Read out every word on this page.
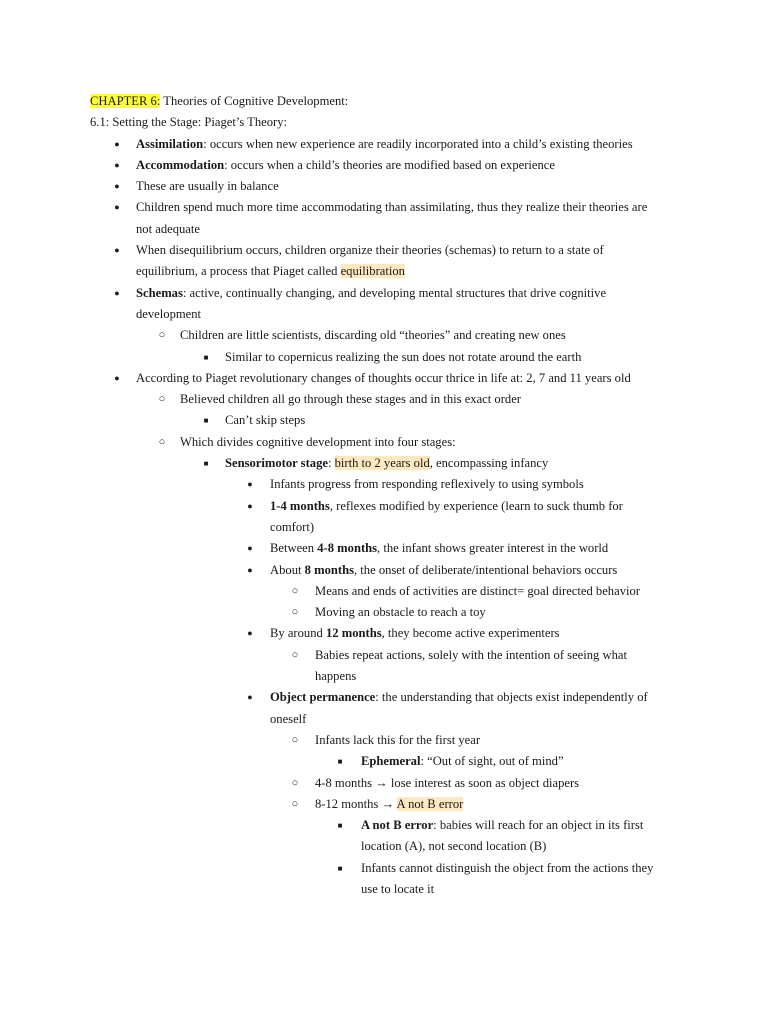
CHAPTER 6: Theories of Cognitive Development:
6.1: Setting the Stage: Piaget’s Theory:
●	Assimilation: occurs when new experience are readily incorporated into a child’s existing theories
●	Accommodation: occurs when a child’s theories are modified based on experience
●	These are usually in balance
●	Children spend much more time accommodating than assimilating, thus they realize their theories are
not adequate
●	When disequilibrium occurs, children organize their theories (schemas) to return to a state of
equilibrium, a process that Piaget called equilibration
●	Schemas: active, continually changing, and developing mental structures that drive cognitive
development
○ Children are little scientists, discarding old “theories” and creating new ones
■	Similar to copernicus realizing the sun does not rotate around the earth
●	According to Piaget revolutionary changes of thoughts occur thrice in life at: 2, 7 and 11 years old
○ Believed children all go through these stages and in this exact order
■	Can’t skip steps
○ Which divides cognitive development into four stages:
■	Sensorimotor stage: birth to 2 years old, encompassing infancy
●	Infants progress from responding reflexively to using symbols
●	1-4 months, reflexes modified by experience (learn to suck thumb for
comfort)
●	Between 4-8 months, the infant shows greater interest in the world
●	About 8 months, the onset of deliberate/intentional behaviors occurs
○ Means and ends of activities are distinct= goal directed behavior
○ Moving an obstacle to reach a toy
●	By around 12 months, they become active experimenters
○ Babies repeat actions, solely with the intention of seeing what
happens
●	Object permanence: the understanding that objects exist independently of
oneself
○ Infants lack this for the first year
■	Ephemeral: “Out of sight, out of mind”
○ 4-8 months → lose interest as soon as object diapers
○ 8-12 months → A not B error
■	A not B error: babies will reach for an object in its first
location (A), not second location (B)
■	Infants cannot distinguish the object from the actions they
use to locate it
